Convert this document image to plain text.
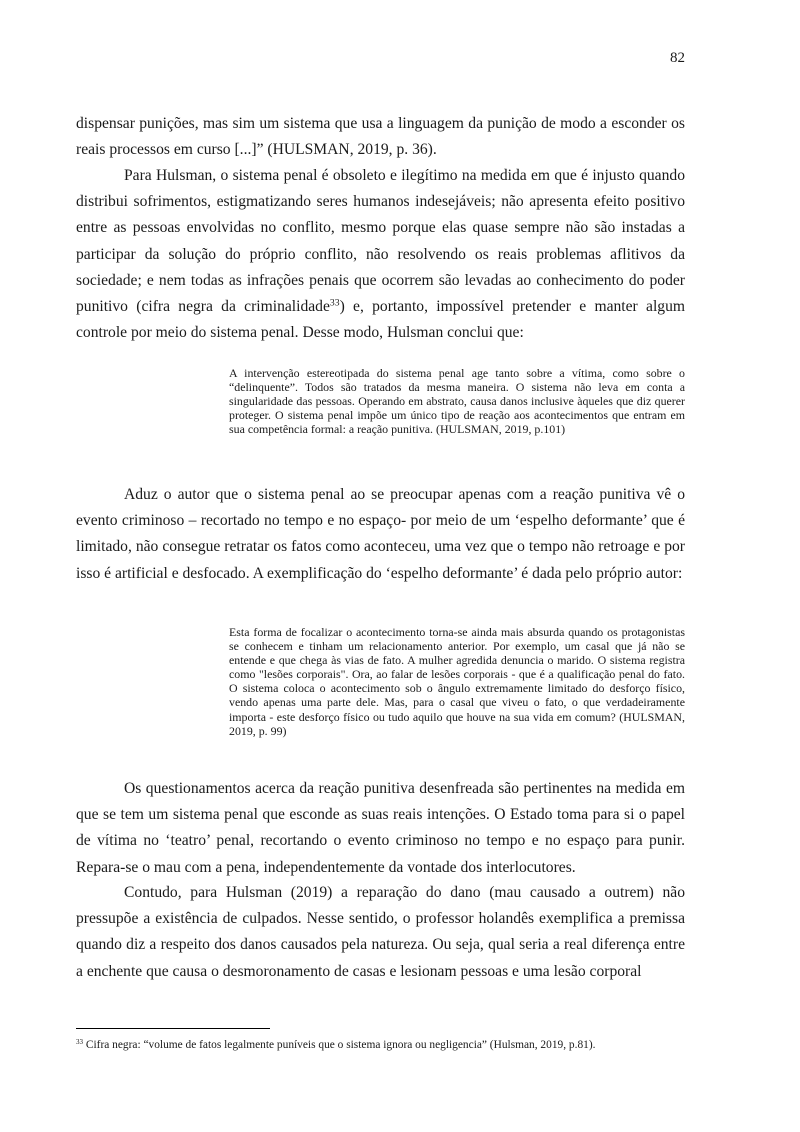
82

dispensar punições, mas sim um sistema que usa a linguagem da punição de modo a esconder os reais processos em curso [...]” (HULSMAN, 2019, p. 36).

Para Hulsman, o sistema penal é obsoleto e ilegítimo na medida em que é injusto quando distribui sofrimentos, estigmatizando seres humanos indesejáveis; não apresenta efeito positivo entre as pessoas envolvidas no conflito, mesmo porque elas quase sempre não são instadas a participar da solução do próprio conflito, não resolvendo os reais problemas aflitivos da sociedade; e nem todas as infrações penais que ocorrem são levadas ao conhecimento do poder punitivo (cifra negra da criminalidade$^{33}$) e, portanto, impossível pretender e manter algum controle por meio do sistema penal. Desse modo, Hulsman conclui que:

A intervenção estereotipada do sistema penal age tanto sobre a vítima, como sobre o “delinquente”. Todos são tratados da mesma maneira. O sistema não leva em conta a singularidade das pessoas. Operando em abstrato, causa danos inclusive àqueles que diz querer proteger. O sistema penal impõe um único tipo de reação aos acontecimentos que entram em sua competência formal: a reação punitiva. (HULSMAN, 2019, p.101)

Aduz o autor que o sistema penal ao se preocupar apenas com a reação punitiva vê o evento criminoso – recortado no tempo e no espaço- por meio de um ‘espelho deformante’ que é limitado, não consegue retratar os fatos como aconteceu, uma vez que o tempo não retroage e por isso é artificial e desfocado. A exemplificação do ‘espelho deformante’ é dada pelo próprio autor:

Esta forma de focalizar o acontecimento torna-se ainda mais absurda quando os protagonistas se conhecem e tinham um relacionamento anterior. Por exemplo, um casal que já não se entende e que chega às vias de fato. A mulher agredida denuncia o marido. O sistema registra como "lesões corporais". Ora, ao falar de lesões corporais - que é a qualificação penal do fato. O sistema coloca o acontecimento sob o ângulo extremamente limitado do desforço físico, vendo apenas uma parte dele. Mas, para o casal que viveu o fato, o que verdadeiramente importa - este desforço físico ou tudo aquilo que houve na sua vida em comum? (HULSMAN, 2019, p. 99)

Os questionamentos acerca da reação punitiva desenfreada são pertinentes na medida em que se tem um sistema penal que esconde as suas reais intenções. O Estado toma para si o papel de vítima no ‘teatro’ penal, recortando o evento criminoso no tempo e no espaço para punir. Repara-se o mau com a pena, independentemente da vontade dos interlocutores.

Contudo, para Hulsman (2019) a reparação do dano (mau causado a outrem) não pressupõe a existência de culpados. Nesse sentido, o professor holandês exemplifica a premissa quando diz a respeito dos danos causados pela natureza. Ou seja, qual seria a real diferença entre a enchente que causa o desmoronamento de casas e lesionam pessoas e uma lesão corporal

$^{33}$ Cifra negra: “volume de fatos legalmente puníveis que o sistema ignora ou negligencia” (Hulsman, 2019, p.81).
